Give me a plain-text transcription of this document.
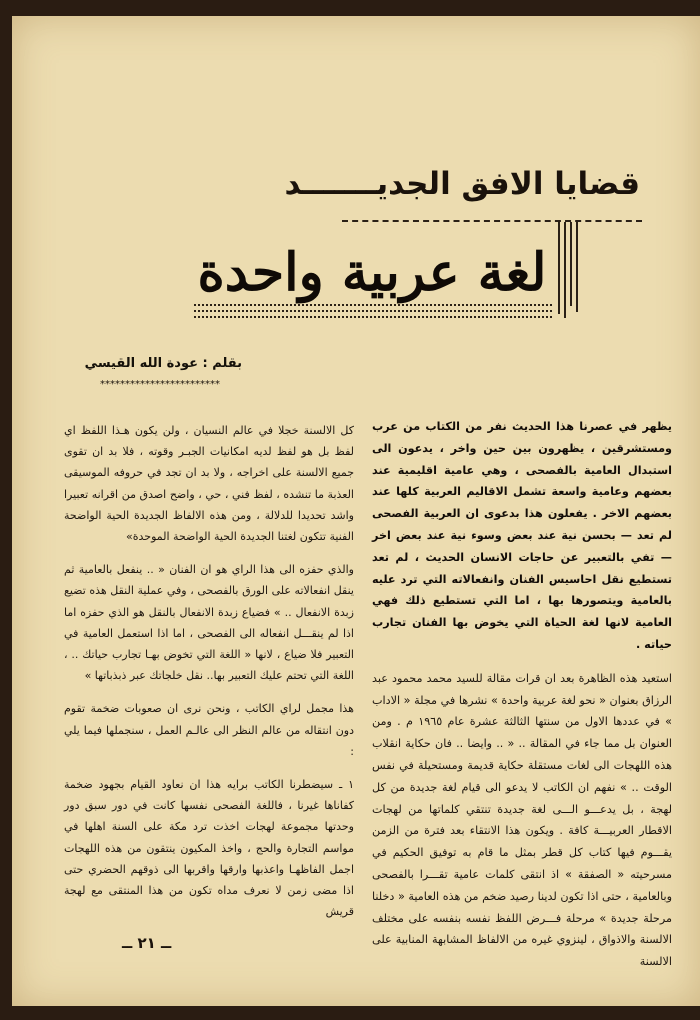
قضايا الافق الجديـــــــد
لغة عربية واحدة
بقلم : عودة الله القيسي
************************

يظهر في عصرنا هذا الحديث نفر من الكتاب من عرب ومستشرقين ، يظهرون بين حين واخر ، يدعون الى استبدال العامية بالفصحى ، وهي عامية اقليمية عند بعضهم وعامية واسعة تشمل الاقاليم العربية كلها عند بعضهم الاخر . يفعلون هذا بدعوى ان العربية الفصحى لم تعد — بحسن نية عند بعض وسوء نية عند بعض اخر — تفي بالتعبير عن حاجات الانسان الحديث ، لم تعد تستطيع نقل احاسيس الفنان وانفعالاته التي ترد عليه بالعامية ويتصورها بها ، اما التي تستطيع ذلك فهي العامية لانها لغة الحياة التي يخوض بها الفنان تجارب حياته .

استعيد هذه الظاهرة بعد ان قرات مقالة للسيد محمد محمود عبد الرزاق بعنوان « نحو لغة عربية واحدة » نشرها في مجلة « الاداب » في عددها الاول من سنتها الثالثة عشرة عام ١٩٦٥ م . ومن العنوان بل مما جاء في المقالة .. « .. وايضا .. فان حكاية انقلاب هذه اللهجات الى لغات مستقلة حكاية قديمة ومستحيلة في نفس الوقت .. » نفهم ان الكاتب لا يدعو الى قيام لغة جديدة من كل لهجة ، بل يدعـــو الـــى لغة جديدة تنتقي كلماتها من لهجات الاقطار العربيـــة كافة . ويكون هذا الانتقاء بعد فترة من الزمن يقـــوم فيها كتاب كل قطر بمثل ما قام به توفيق الحكيم في مسرحيته « الصفقة » اذ انتقى كلمات عامية تقـــرا بالفصحى وبالعامية ، حتى اذا تكون لدينا رصيد ضخم من هذه العامية « دخلنا مرحلة جديدة » مرحلة فـــرض اللفظ نفسه بنفسه على مختلف الالسنة والاذواق ، لينزوي غيره من الالفاظ المشابهة المنابية على الالسنة

كل الالسنة خجلا في عالم النسيان ، ولن يكون هـذا اللفظ اي لفظ بل هو لفظ لديه امكانيات الجبـر وقوته ، فلا بد ان تقوى جميع الالسنة على اخراجه ، ولا بد ان تجد في حروفه الموسيقى العذبة ما تنشده ، لفظ فني ، حي ، واضح اصدق من اقرانه تعبيرا واشد تحديدا للدلالة ، ومن هذه الالفاظ الجديدة الحية الواضحة الفنية تتكون لغتنا الجديدة الحية الواضحة الموحدة»

والذي حفزه الى هذا الراي هو ان الفنان « .. ينفعل بالعامية ثم ينقل انفعالاته على الورق بالفصحى ، وفي عملية النقل هذه تضيع زبدة الانفعال .. » فضياع زبدة الانفعال بالنقل هو الذي حفزه اما اذا لم ينقـــل انفعاله الى الفصحى ، اما اذا استعمل العامية في التعبير فلا ضياع ، لانها « اللغة التي تخوض بهـا تجارب حياتك .. ، اللغة التي تحتم عليك التعبير بها.. نقل خلجاتك عبر ذبذباتها »

هذا مجمل لراي الكاتب ، ونحن نرى ان صعوبات ضخمة تقوم دون انتقاله من عالم النظر الى عالـم العمل ، سنجملها فيما يلي :

١ ـ سيضطرنا الكاتب برايه هذا ان نعاود القيام بجهود ضخمة كفاناها غيرنا ، فاللغة الفصحى نفسها كانت في دور سبق دور وحدتها مجموعة لهجات اخذت ترد مكة على السنة اهلها في مواسم التجارة والحج ، واخذ المكيون ينتقون من هذه اللهجات اجمل الفاظهـا واعذبها وارقها واقربها الى ذوقهم الحضري حتى اذا مضى زمن لا نعرف مداه تكون من هذا المنتقى مع لهجة قريش

ــ ٢١ ــ
